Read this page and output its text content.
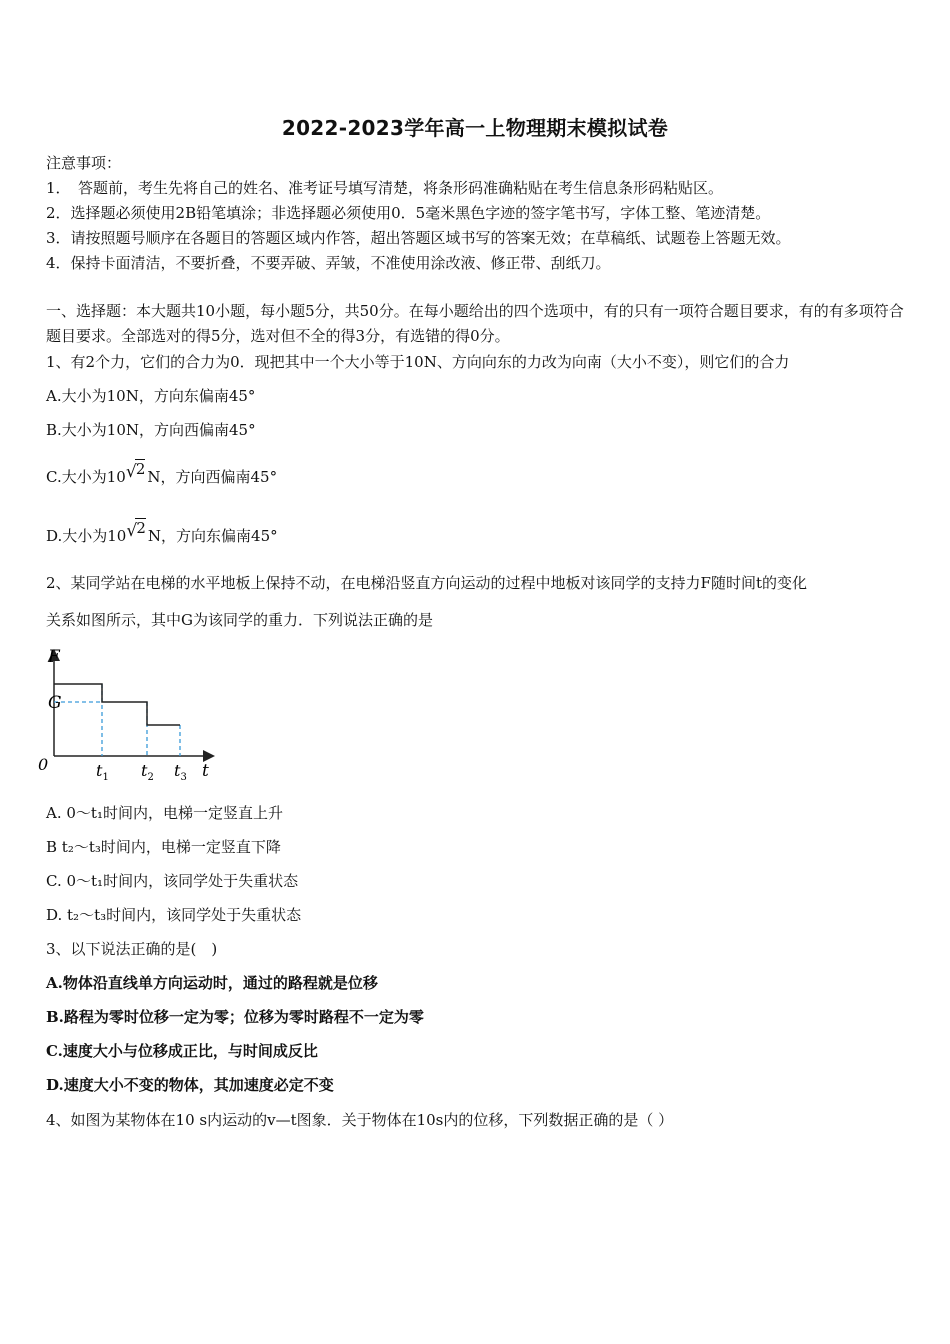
2022-2023学年高一上物理期末模拟试卷
注意事项：
1．　答题前，考生先将自己的姓名、准考证号填写清楚，将条形码准确粘贴在考生信息条形码粘贴区。
2．选择题必须使用2B铅笔填涂；非选择题必须使用0．5毫米黑色字迹的签字笔书写，字体工整、笔迹清楚。
3．请按照题号顺序在各题目的答题区域内作答，超出答题区域书写的答案无效；在草稿纸、试题卷上答题无效。
4．保持卡面清洁，不要折叠，不要弄破、弄皱，不准使用涂改液、修正带、刮纸刀。
一、选择题：本大题共10小题，每小题5分，共50分。在每小题给出的四个选项中，有的只有一项符合题目要求，有的有多项符合题目要求。全部选对的得5分，选对但不全的得3分，有选错的得0分。
1、有2个力，它们的合力为0．现把其中一个大小等于10N、方向向东的力改为向南（大小不变），则它们的合力
A.大小为10N，方向东偏南45°
B.大小为10N，方向西偏南45°
C.大小为10 √ 2 N，方向西偏南45°
D.大小为10 √ 2 N，方向东偏南45°
2、某同学站在电梯的水平地板上保持不动，在电梯沿竖直方向运动的过程中地板对该同学的支持力F随时间t的变化
关系如图所示，其中G为该同学的重力．下列说法正确的是
F
G
0	$t_1$ $t_2$ $t_3$ t
A. 0～t₁时间内，电梯一定竖直上升
B t₂～t₃时间内，电梯一定竖直下降
C. 0～t₁时间内，该同学处于失重状态
D. t₂～t₃时间内，该同学处于失重状态
3、以下说法正确的是(　)
A.物体沿直线单方向运动时，通过的路程就是位移
B.路程为零时位移一定为零；位移为零时路程不一定为零
C.速度大小与位移成正比，与时间成反比
D.速度大小不变的物体，其加速度必定不变
4、如图为某物体在10 s内运动的v—t图象．关于物体在10s内的位移，下列数据正确的是（ ）
